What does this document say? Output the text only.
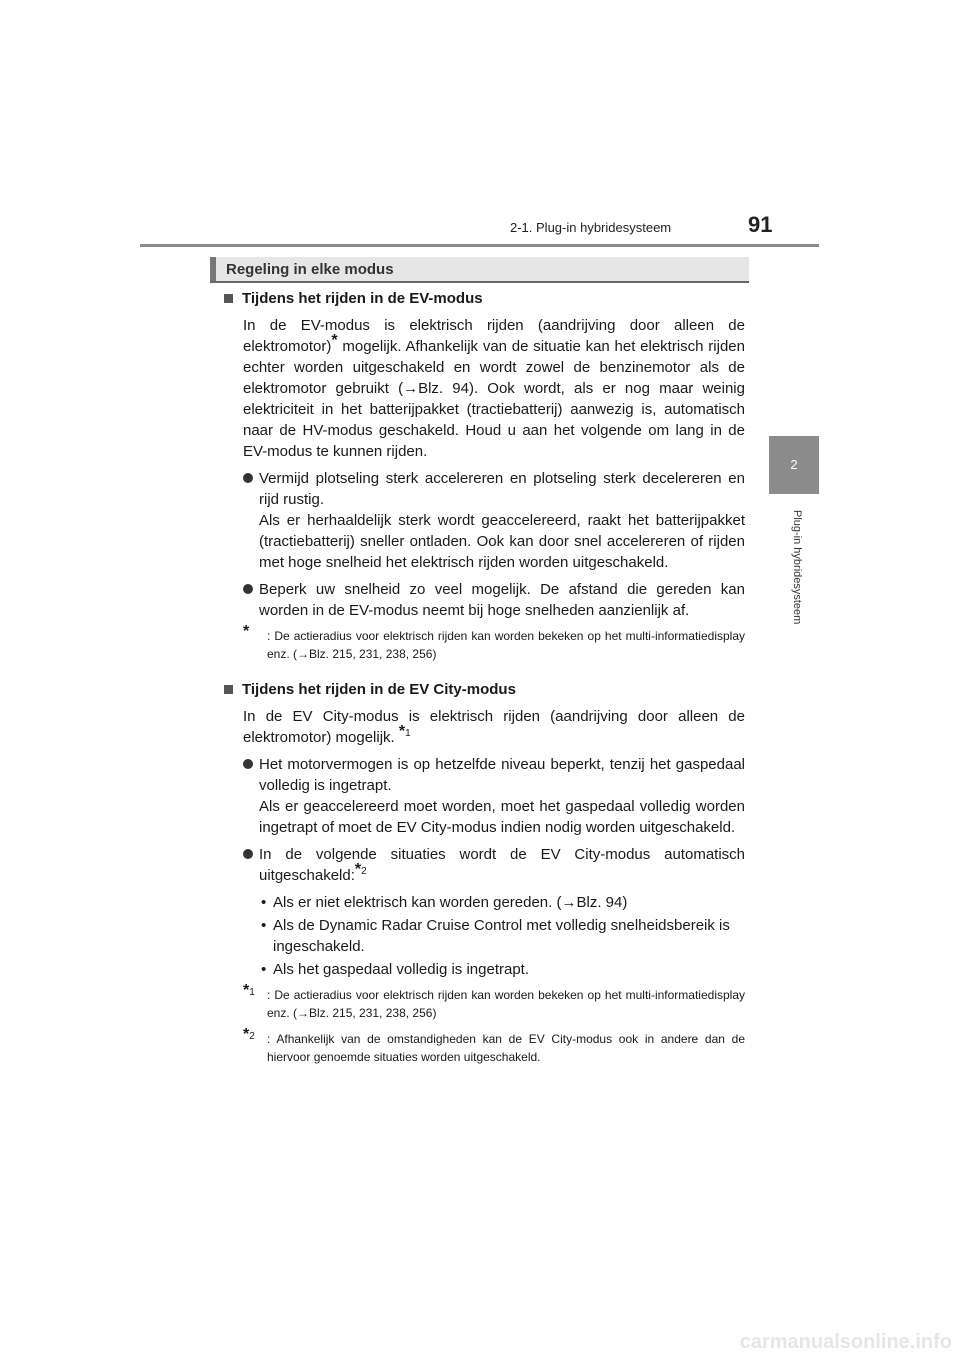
2-1. Plug-in hybridesysteem	91
2
Plug-in hybridesysteem
Regeling in elke modus
Tijdens het rijden in de EV-modus

In de EV-modus is elektrisch rijden (aandrijving door alleen de elektromotor)* mogelijk. Afhankelijk van de situatie kan het elektrisch rijden echter worden uitgeschakeld en wordt zowel de benzinemotor als de elektromotor gebruikt (→Blz. 94). Ook wordt, als er nog maar weinig elektriciteit in het batterijpakket (tractiebatterij) aanwezig is, automatisch naar de HV-modus geschakeld. Houd u aan het volgende om lang in de EV-modus te kunnen rijden.

Vermijd plotseling sterk accelereren en plotseling sterk decelereren en rijd rustig.
Als er herhaaldelijk sterk wordt geaccelereerd, raakt het batterijpakket (tractiebatterij) sneller ontladen. Ook kan door snel accelereren of rijden met hoge snelheid het elektrisch rijden worden uitgeschakeld.
Beperk uw snelheid zo veel mogelijk. De afstand die gereden kan worden in de EV-modus neemt bij hoge snelheden aanzienlijk af.
* : De actieradius voor elektrisch rijden kan worden bekeken op het multi-informatiedisplay enz. (→Blz. 215, 231, 238, 256)
Tijdens het rijden in de EV City-modus

In de EV City-modus is elektrisch rijden (aandrijving door alleen de elektromotor) mogelijk. $^{*1}$

Het motorvermogen is op hetzelfde niveau beperkt, tenzij het gaspedaal volledig is ingetrapt.
Als er geaccelereerd moet worden, moet het gaspedaal volledig worden ingetrapt of moet de EV City-modus indien nodig worden uitgeschakeld.
In de volgende situaties wordt de EV City-modus automatisch uitgeschakeld:$^{*2}$
• Als er niet elektrisch kan worden gereden. (→Blz. 94)
• Als de Dynamic Radar Cruise Control met volledig snelheidsbereik is ingeschakeld.
• Als het gaspedaal volledig is ingetrapt.
*1 : De actieradius voor elektrisch rijden kan worden bekeken op het multi-informatiedisplay enz. (→Blz. 215, 231, 238, 256)
*2 : Afhankelijk van de omstandigheden kan de EV City-modus ook in andere dan de hiervoor genoemde situaties worden uitgeschakeld.
carmanualsonline.info
